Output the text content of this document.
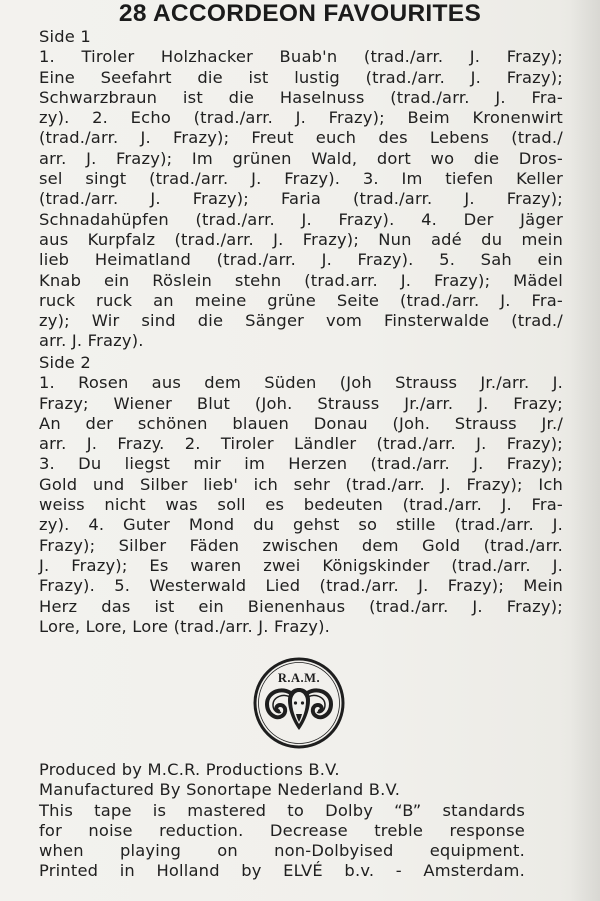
28 ACCORDEON FAVOURITES
Side 1
1. Tiroler Holzhacker Buab'n (trad./arr. J. Frazy);
Eine Seefahrt die ist lustig (trad./arr. J. Frazy);
Schwarzbraun ist die Haselnuss (trad./arr. J. Fra-
zy). 2. Echo (trad./arr. J. Frazy); Beim Kronenwirt
(trad./arr. J. Frazy); Freut euch des Lebens (trad./
arr. J. Frazy); Im grünen Wald, dort wo die Dros-
sel singt (trad./arr. J. Frazy). 3. Im tiefen Keller
(trad./arr. J. Frazy); Faria (trad./arr. J. Frazy);
Schnadahüpfen (trad./arr. J. Frazy). 4. Der Jäger
aus Kurpfalz (trad./arr. J. Frazy); Nun adé du mein
lieb Heimatland (trad./arr. J. Frazy). 5. Sah ein
Knab ein Röslein stehn (trad.arr. J. Frazy); Mädel
ruck ruck an meine grüne Seite (trad./arr. J. Fra-
zy); Wir sind die Sänger vom Finsterwalde (trad./
arr. J. Frazy).
Side 2
1. Rosen aus dem Süden (Joh Strauss Jr./arr. J.
Frazy; Wiener Blut (Joh. Strauss Jr./arr. J. Frazy;
An der schönen blauen Donau (Joh. Strauss Jr./
arr. J. Frazy. 2. Tiroler Ländler (trad./arr. J. Frazy);
3. Du liegst mir im Herzen (trad./arr. J. Frazy);
Gold und Silber lieb' ich sehr (trad./arr. J. Frazy); Ich
weiss nicht was soll es bedeuten (trad./arr. J. Fra-
zy). 4. Guter Mond du gehst so stille (trad./arr. J.
Frazy); Silber Fäden zwischen dem Gold (trad./arr.
J. Frazy); Es waren zwei Königskinder (trad./arr. J.
Frazy). 5. Westerwald Lied (trad./arr. J. Frazy); Mein
Herz das ist ein Bienenhaus (trad./arr. J. Frazy);
Lore, Lore, Lore (trad./arr. J. Frazy).
R.A.M.
Produced by M.C.R. Productions B.V.
Manufactured By Sonortape Nederland B.V.
This tape is mastered to Dolby “B” standards
for noise reduction. Decrease treble response
when playing on non-Dolbyised equipment.
Printed in Holland by ELVÉ b.v. - Amsterdam.
